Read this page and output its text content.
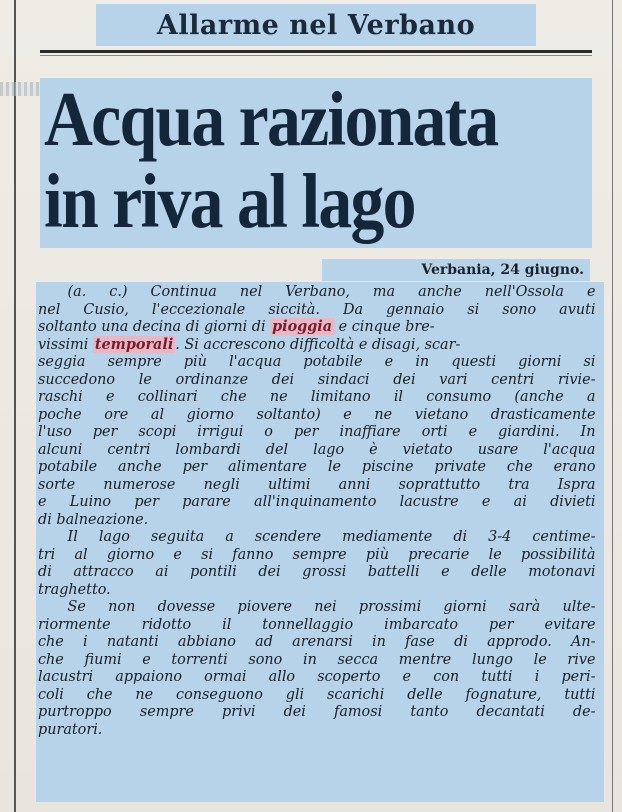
Allarme nel Verbano
Acqua razionata
in riva al lago
Verbania, 24 giugno.
(a. c.) Continua nel Verbano, ma anche nell'Ossola e
nel Cusio, l'eccezionale siccità. Da gennaio si sono avuti
soltanto una decina di giorni di pioggia e cinque bre-
vissimi temporali . Si accrescono difficoltà e disagi, scar-
seggia sempre più l'acqua potabile e in questi giorni si
succedono le ordinanze dei sindaci dei vari centri rivie-
raschi e collinari che ne limitano il consumo (anche a
poche ore al giorno soltanto) e ne vietano drasticamente
l'uso per scopi irrigui o per inaffiare orti e giardini. In
alcuni centri lombardi del lago è vietato usare l'acqua
potabile anche per alimentare le piscine private che erano
sorte numerose negli ultimi anni soprattutto tra Ispra
e Luino per parare all'inquinamento lacustre e ai divieti
di balneazione.
Il lago seguita a scendere mediamente di 3-4 centime-
tri al giorno e si fanno sempre più precarie le possibilità
di attracco ai pontili dei grossi battelli e delle motonavi
traghetto.
Se non dovesse piovere nei prossimi giorni sarà ulte-
riormente ridotto il tonnellaggio imbarcato per evitare
che i natanti abbiano ad arenarsi in fase di approdo. An-
che fiumi e torrenti sono in secca mentre lungo le rive
lacustri appaiono ormai allo scoperto e con tutti i peri-
coli che ne conseguono gli scarichi delle fognature, tutti
purtroppo sempre privi dei famosi tanto decantati de-
puratori.
